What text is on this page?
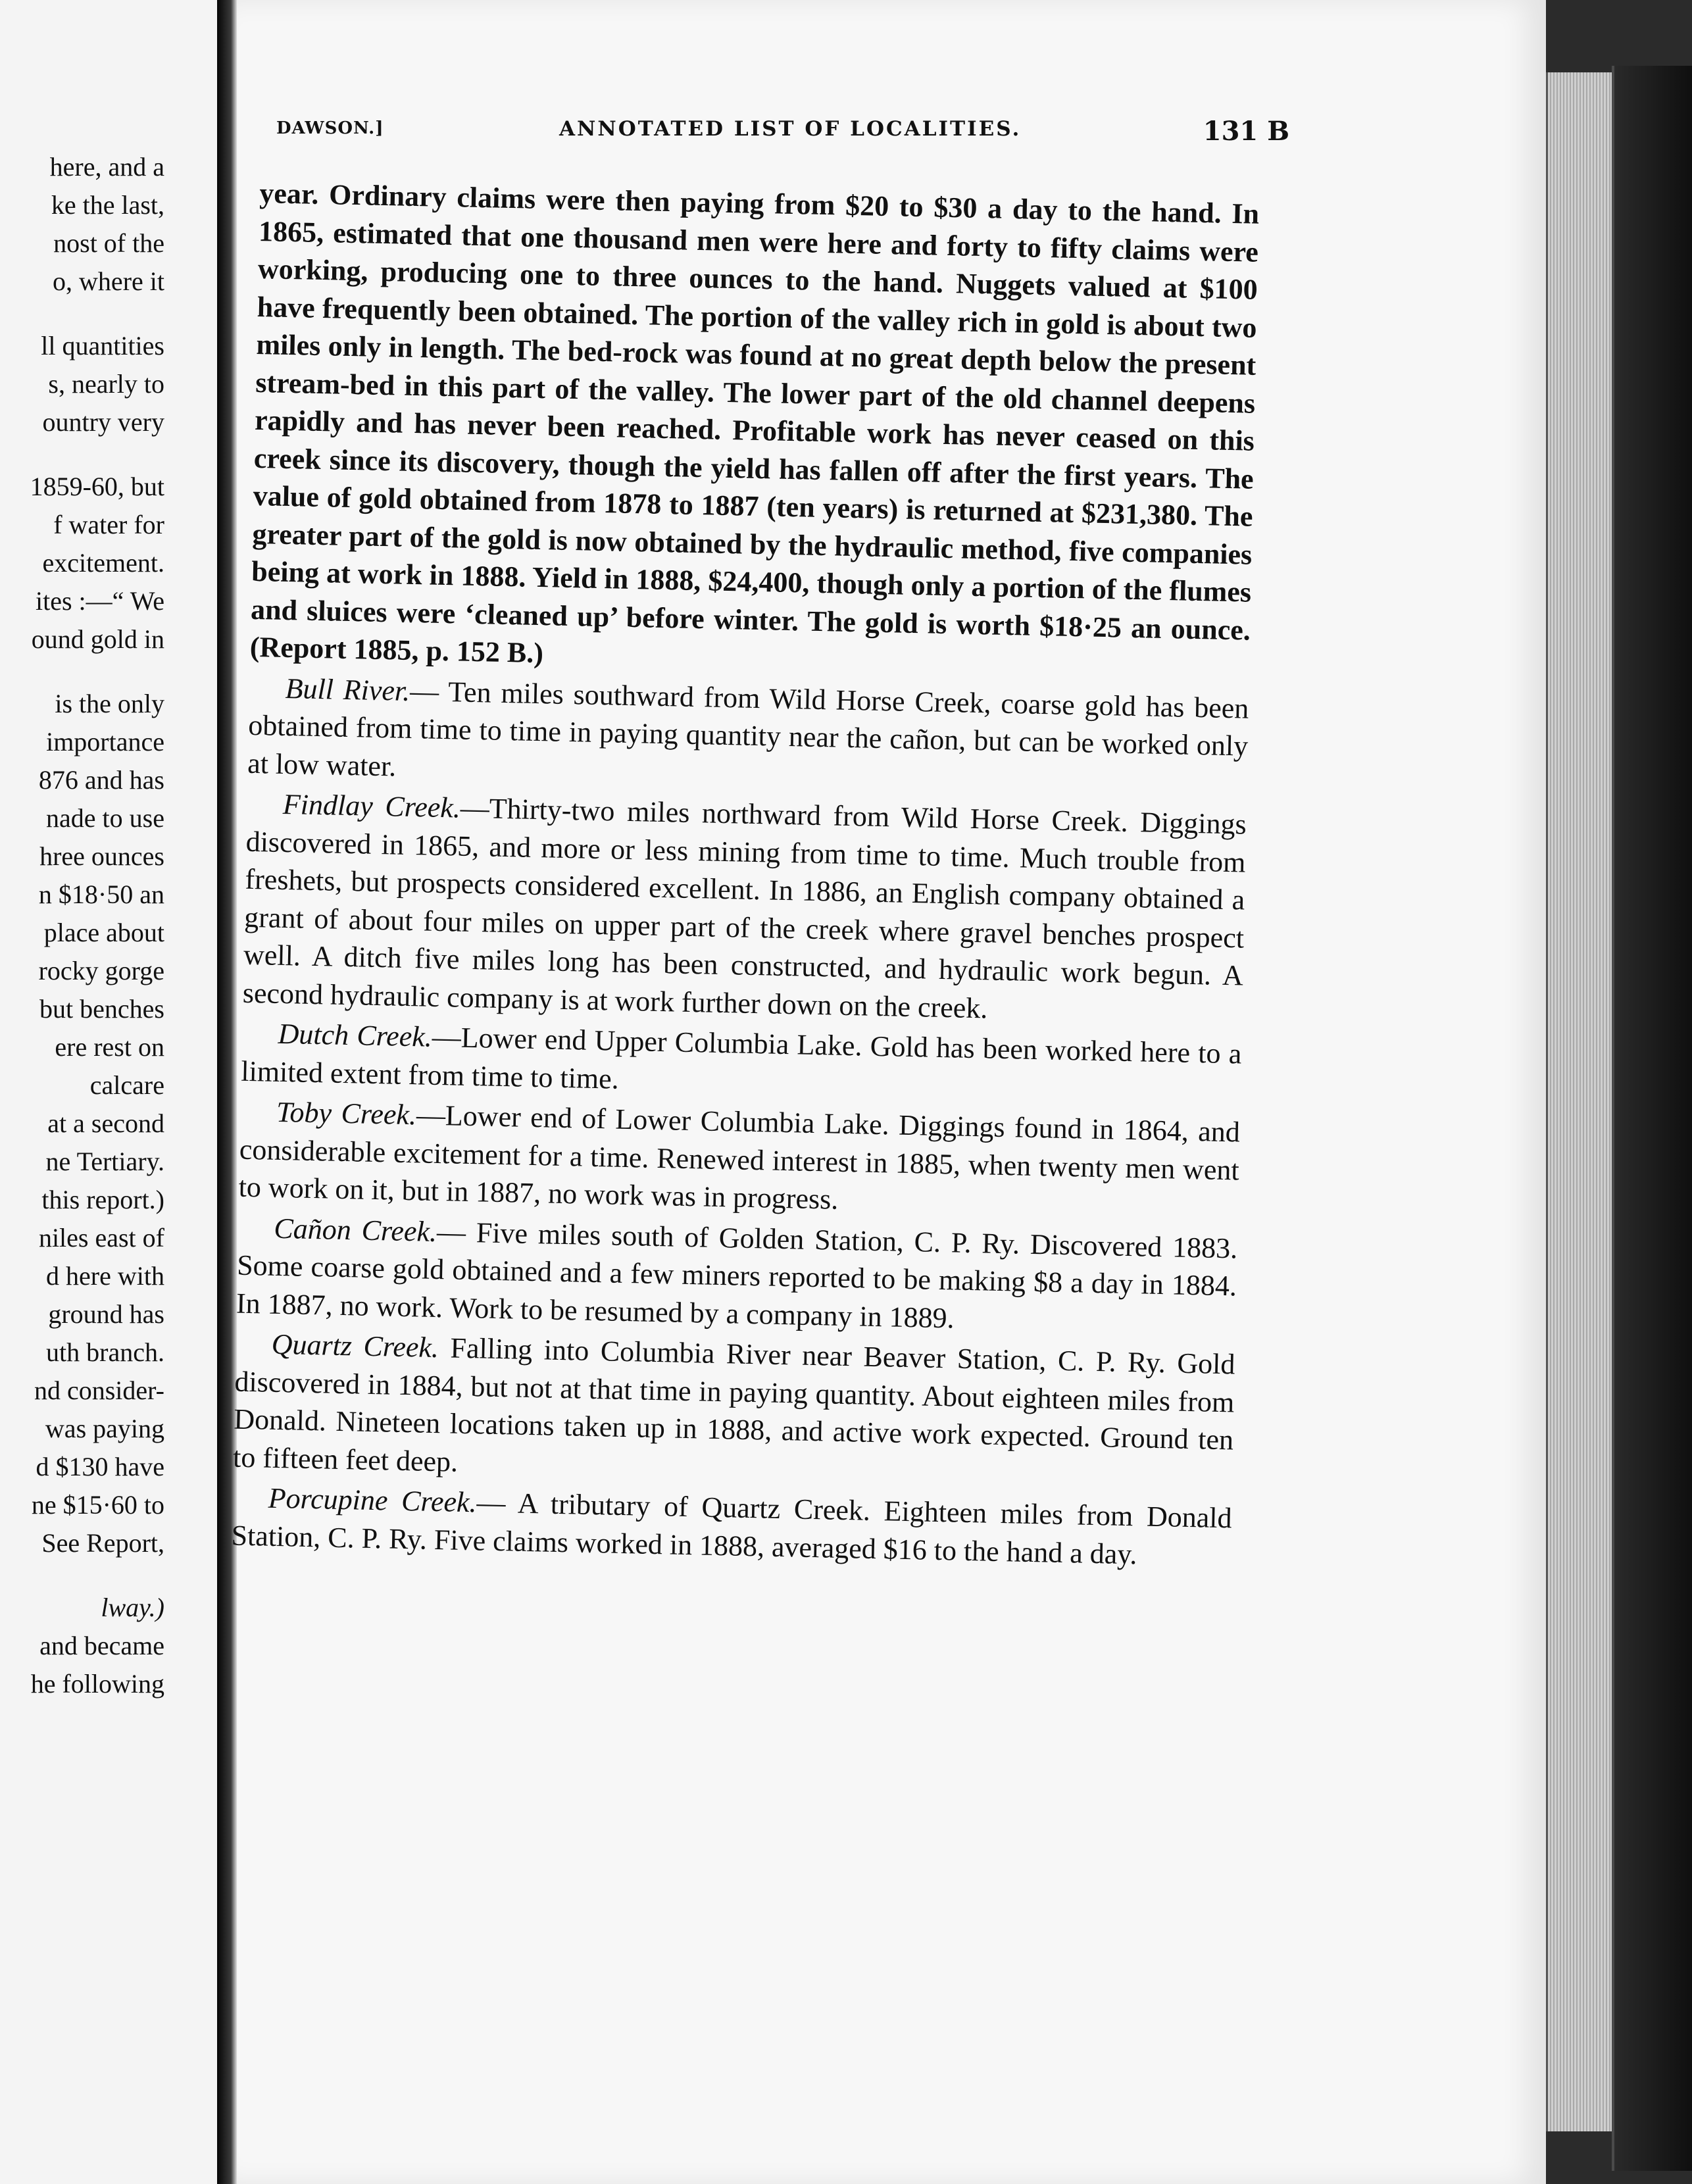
here, and a
ke the last,
nost of the
o, where it
ll quantities
s, nearly to
ountry very
1859-60, but
f water for
excitement.
ites :—“ We
ound gold in
is the only
importance
876 and has
nade to use
hree ounces
n $18·50 an
place about
rocky gorge
but benches
ere rest on
calcare
at a second
ne Tertiary.
this report.)
niles east of
d here with
ground has
uth branch.
nd consider-
was paying
d $130 have
ne $15·60 to
See Report,
lway.)
and became
he following
DAWSON.]	ANNOTATED LIST OF LOCALITIES.	131 B

year. Ordinary claims were then paying from $20 to $30 a day to the hand. In 1865, estimated that one thousand men were here and forty to fifty claims were working, producing one to three ounces to the hand. Nuggets valued at $100 have frequently been obtained. The portion of the valley rich in gold is about two miles only in length. The bed-rock was found at no great depth below the present stream-bed in this part of the valley. The lower part of the old channel deepens rapidly and has never been reached. Profitable work has never ceased on this creek since its discovery, though the yield has fallen off after the first years. The value of gold obtained from 1878 to 1887 (ten years) is returned at $231,380. The greater part of the gold is now obtained by the hydraulic method, five companies being at work in 1888. Yield in 1888, $24,400, though only a portion of the flumes and sluices were ‘cleaned up’ before winter. The gold is worth $18·25 an ounce. (Report 1885, p. 152 B.)

Bull River.— Ten miles southward from Wild Horse Creek, coarse gold has been obtained from time to time in paying quantity near the cañon, but can be worked only at low water.

Findlay Creek.—Thirty-two miles northward from Wild Horse Creek. Diggings discovered in 1865, and more or less mining from time to time. Much trouble from freshets, but prospects considered excellent. In 1886, an English company obtained a grant of about four miles on upper part of the creek where gravel benches prospect well. A ditch five miles long has been constructed, and hydraulic work begun. A second hydraulic company is at work further down on the creek.

Dutch Creek.—Lower end Upper Columbia Lake. Gold has been worked here to a limited extent from time to time.

Toby Creek.—Lower end of Lower Columbia Lake. Diggings found in 1864, and considerable excitement for a time. Renewed interest in 1885, when twenty men went to work on it, but in 1887, no work was in progress.

Cañon Creek.— Five miles south of Golden Station, C. P. Ry. Discovered 1883. Some coarse gold obtained and a few miners reported to be making $8 a day in 1884. In 1887, no work. Work to be resumed by a company in 1889.

Quartz Creek. Falling into Columbia River near Beaver Station, C. P. Ry. Gold discovered in 1884, but not at that time in paying quantity. About eighteen miles from Donald. Nineteen locations taken up in 1888, and active work expected. Ground ten to fifteen feet deep.

Porcupine Creek.— A tributary of Quartz Creek. Eighteen miles from Donald Station, C. P. Ry. Five claims worked in 1888, averaged $16 to the hand a day.
